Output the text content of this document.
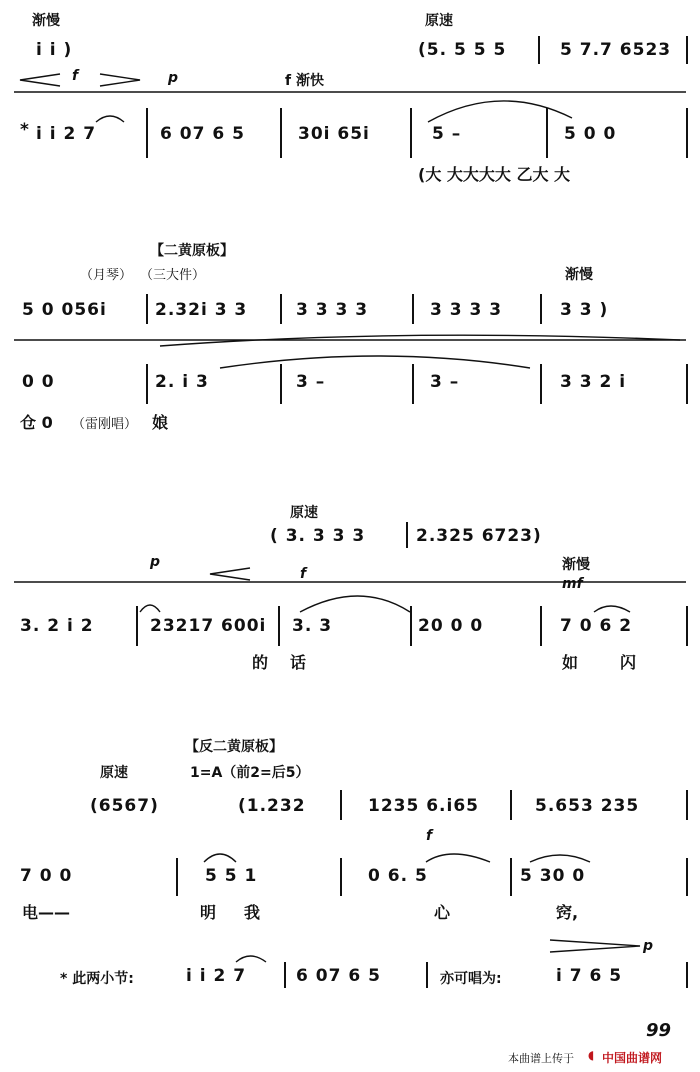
渐慢	原速
i i )	(5. 5 5 5	5 7.7 6523
f	p	f 渐快
* i i 2 7	6 07 6 5	30i 65i	5 –	5 0 0
(大 大大大大 乙大 大
【二黄原板】
（月琴） （三大件）	渐慢
5 0 056i	2.32i 3 3	3 3 3 3	3 3 3 3	3 3 )
0 0	2. i 3	3 –	3 –	3 3 2 i
仓 0 （雷刚唱） 娘
原速
( 3. 3 3 3	2.325 6723)
渐慢
p
f
mf
3. 2 i 2	23217 600i 3. 3	20 0 0	7 0 6 2
的 话	如	闪
【反二黄原板】
原速	1=A（前2=后5）
(6567)	(1.232	1235 6.i65	5.653 235
f
7 0 0	5 5 1	0 6. 5	5 30 0
电——	明 我	心	窍,
* 此两小节:	i i 2 7	6 07 6 5	亦可唱为:	i 7 6 5
p
99
本曲谱上传于 ◖ 中国曲谱网
